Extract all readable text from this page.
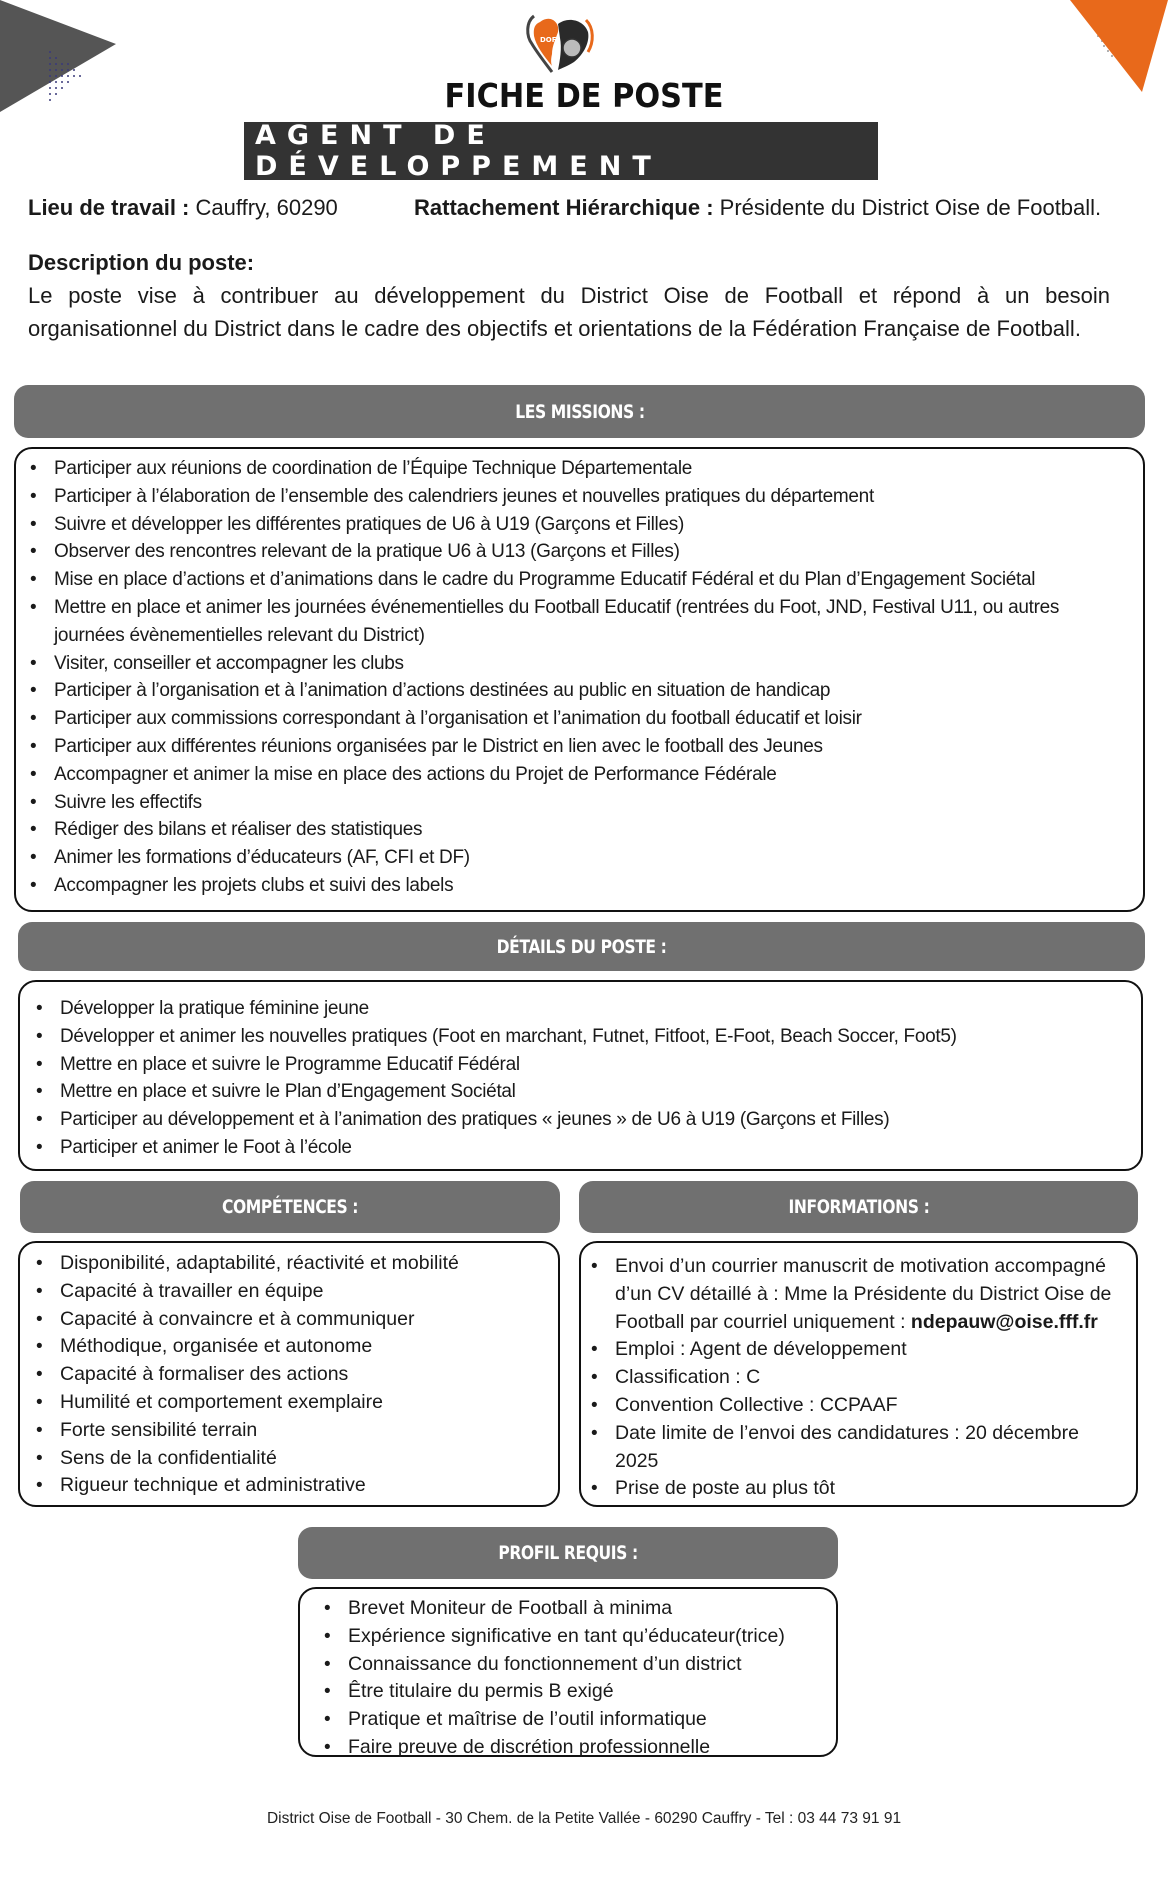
DOF
FICHE DE POSTE
AGENT DE DÉVELOPPEMENT
Lieu de travail : Cauffry, 60290	Rattachement Hiérarchique : Présidente du District Oise de Football.
Description du poste:
Le poste vise à contribuer au développement du District Oise de Football et répond à un besoin organisationnel du District dans le cadre des objectifs et orientations de la Fédération Française de Football.
LES MISSIONS :
• Participer aux réunions de coordination de l’Équipe Technique Départementale
• Participer à l’élaboration de l’ensemble des calendriers jeunes et nouvelles pratiques du département
• Suivre et développer les différentes pratiques de U6 à U19 (Garçons et Filles)
• Observer des rencontres relevant de la pratique U6 à U13 (Garçons et Filles)
• Mise en place d’actions et d’animations dans le cadre du Programme Educatif Fédéral et du Plan d’Engagement Sociétal
• Mettre en place et animer les journées événementielles du Football Educatif (rentrées du Foot, JND, Festival U11, ou autres journées évènementielles relevant du District)
• Visiter, conseiller et accompagner les clubs
• Participer à l’organisation et à l’animation d’actions destinées au public en situation de handicap
• Participer aux commissions correspondant à l’organisation et l’animation du football éducatif et loisir
• Participer aux différentes réunions organisées par le District en lien avec le football des Jeunes
• Accompagner et animer la mise en place des actions du Projet de Performance Fédérale
• Suivre les effectifs
• Rédiger des bilans et réaliser des statistiques
• Animer les formations d’éducateurs (AF, CFI et DF)
• Accompagner les projets clubs et suivi des labels
DÉTAILS DU POSTE :
• Développer la pratique féminine jeune
• Développer et animer les nouvelles pratiques (Foot en marchant, Futnet, Fitfoot, E-Foot, Beach Soccer, Foot5)
• Mettre en place et suivre le Programme Educatif Fédéral
• Mettre en place et suivre le Plan d’Engagement Sociétal
• Participer au développement et à l’animation des pratiques « jeunes » de U6 à U19 (Garçons et Filles)
• Participer et animer le Foot à l’école
COMPÉTENCES :
• Disponibilité, adaptabilité, réactivité et mobilité
• Capacité à travailler en équipe
• Capacité à convaincre et à communiquer
• Méthodique, organisée et autonome
• Capacité à formaliser des actions
• Humilité et comportement exemplaire
• Forte sensibilité terrain
• Sens de la confidentialité
• Rigueur technique et administrative
INFORMATIONS :
• Envoi d’un courrier manuscrit de motivation accompagné d’un CV détaillé à : Mme la Présidente du District Oise de Football par courriel uniquement : ndepauw@oise.fff.fr
• Emploi : Agent de développement
• Classification : C
• Convention Collective : CCPAAF
• Date limite de l’envoi des candidatures : 20 décembre 2025
• Prise de poste au plus tôt
PROFIL REQUIS :
• Brevet Moniteur de Football à minima
• Expérience significative en tant qu’éducateur(trice)
• Connaissance du fonctionnement d’un district
• Être titulaire du permis B exigé
• Pratique et maîtrise de l’outil informatique
• Faire preuve de discrétion professionnelle
District Oise de Football - 30 Chem. de la Petite Vallée - 60290 Cauffry - Tel : 03 44 73 91 91
